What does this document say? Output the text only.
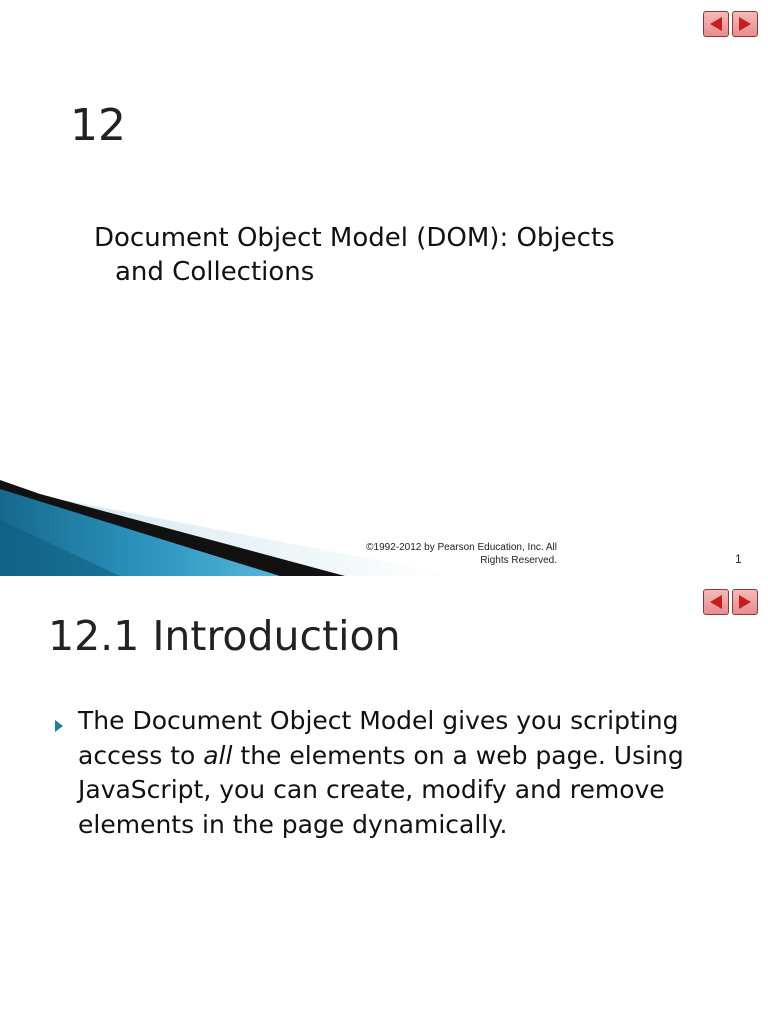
12
Document Object Model (DOM): Objects
and Collections
©1992-2012 by Pearson Education, Inc. All
Rights Reserved.	1
12.1 Introduction
The Document Object Model gives you scripting access to all the elements on a web page. Using JavaScript, you can create, modify and remove elements in the page dynamically.
